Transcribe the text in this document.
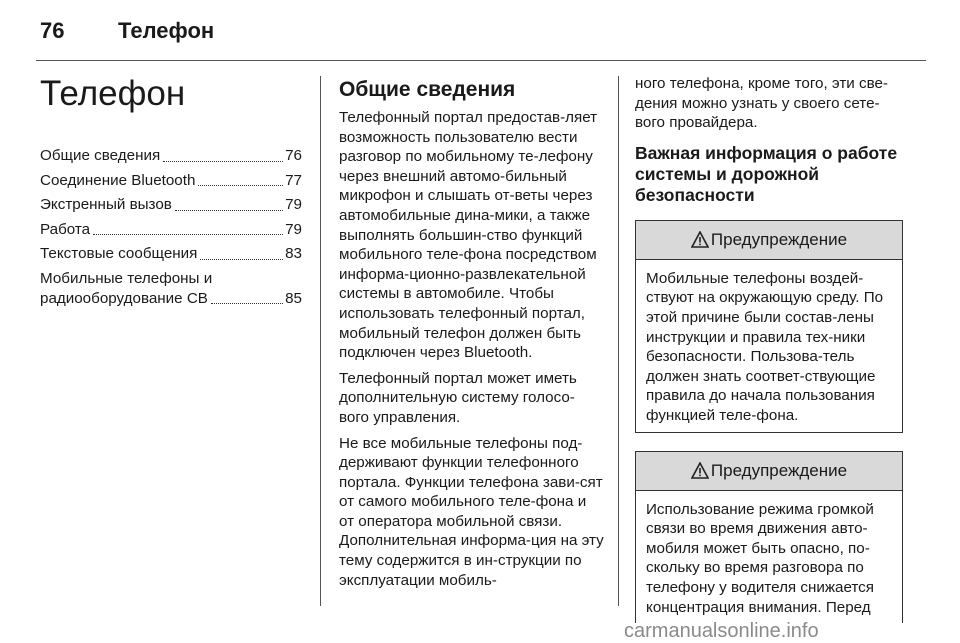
76 Телефон
Телефон
Общие сведения	76
Соединение Bluetooth	77
Экстренный вызов	79
Работа	79
Текстовые сообщения	83
Мобильные телефоны и
радиооборудование CB	85
Общие сведения

Телефонный портал предостав-ляет возможность пользователю вести разговор по мобильному те-лефону через внешний автомо-бильный микрофон и слышать от-веты через автомобильные дина-мики, а также выполнять большин-ство функций мобильного теле-фона посредством информа-ционно-развлекательной системы в автомобиле. Чтобы использовать телефонный портал, мобильный телефон должен быть подключен через Bluetooth.

Телефонный портал может иметь дополнительную систему голосо-вого управления.

Не все мобильные телефоны под-держивают функции телефонного портала. Функции телефона зави-сят от самого мобильного теле-фона и от оператора мобильной связи. Дополнительная информа-ция на эту тему содержится в ин-струкции по эксплуатации мобиль-

ного телефона, кроме того, эти све-дения можно узнать у своего сете-вого провайдера.

Важная информация о работе системы и дорожной безопасности
Предупреждение
Мобильные телефоны воздей-ствуют на окружающую среду. По этой причине были состав-лены инструкции и правила тех-ники безопасности. Пользова-тель должен знать соответ-ствующие правила до начала пользования функцией теле-фона.
Предупреждение
Использование режима громкой связи во время движения авто-мобиля может быть опасно, по-скольку во время разговора по телефону у водителя снижается концентрация внимания. Перед
carmanualsonline.info
